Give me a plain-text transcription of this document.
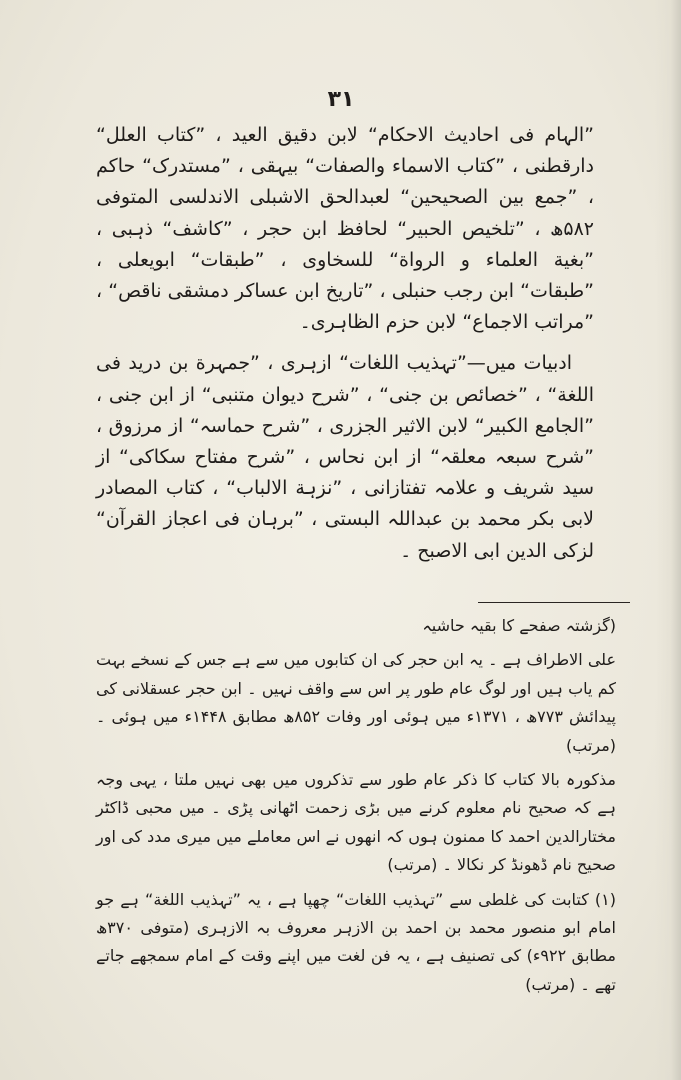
۳۱

”الہام فی احادیث الاحکام“ لابن دقیق العید ، ”کتاب العلل“ دارقطنی ، ”کتاب الاسماء والصفات“ بیہقی ، ”مستدرک“ حاکم ، ”جمع بین الصحیحین“ لعبدالحق الاشبلی الاندلسی المتوفی ۵۸۲ھ ، ”تلخیص الحبیر“ لحافظ ابن حجر ، ”کاشف“ ذہبی ، ”بغیة العلماء و الرواة“ للسخاوی ، ”طبقات“ ابویعلی ، ”طبقات“ ابن رجب حنبلی ، ”تاریخ ابن عساکر دمشقی ناقص“ ، ”مراتب الاجماع“ لابن حزم الظاہری۔

ادبیات میں—”تہذیب اللغات“ ازہری ، ”جمہرة بن درید فی اللغة“ ، ”خصائص بن جنی“ ، ”شرح دیوان متنبی“ از ابن جنی ، ”الجامع الکبیر“ لابن الاثیر الجزری ، ”شرح حماسہ“ از مرزوق ، ”شرح سبعہ معلقہ“ از ابن نحاس ، ”شرح مفتاح سکاکی“ از سید شریف و علامہ تفتازانی ، ”نزہة الالباب“ ، کتاب المصادر لابی بکر محمد بن عبداللہ البستی ، ”برہان فی اعجاز القرآن“ لزکی الدین ابی الاصبح ۔

(گزشتہ صفحے کا بقیہ حاشیہ

علی الاطراف ہے ۔ یہ ابن حجر کی ان کتابوں میں سے ہے جس کے نسخے بہت کم یاب ہیں اور لوگ عام طور پر اس سے واقف نہیں ۔ ابن حجر عسقلانی کی پیدائش ۷۷۳ھ ، ۱۳۷۱ء میں ہوئی اور وفات ۸۵۲ھ مطابق ۱۴۴۸ء میں ہوئی ۔ (مرتب)

مذکورہ بالا کتاب کا ذکر عام طور سے تذکروں میں بھی نہیں ملتا ، یہی وجہ ہے کہ صحیح نام معلوم کرنے میں بڑی زحمت اٹھانی پڑی ۔ میں محبی ڈاکٹر مختارالدین احمد کا ممنون ہوں کہ انھوں نے اس معاملے میں میری مدد کی اور صحیح نام ڈھونڈ کر نکالا ۔ (مرتب)

(۱) کتابت کی غلطی سے ”تہذیب اللغات“ چھپا ہے ، یہ ”تہذیب اللغة“ ہے جو امام ابو منصور محمد بن احمد بن الازہر معروف بہ الازہری (متوفی ۳۷۰ھ مطابق ۹۲۲ء) کی تصنیف ہے ، یہ فن لغت میں اپنے وقت کے امام سمجھے جاتے تھے ۔ (مرتب)
